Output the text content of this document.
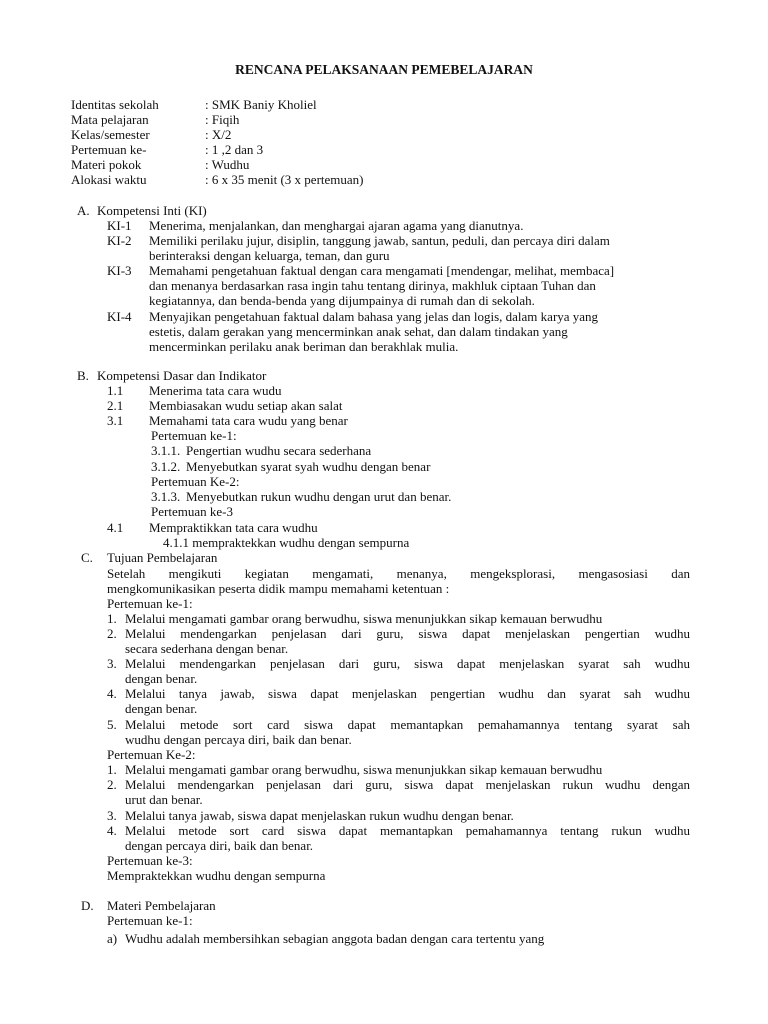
RENCANA PELAKSANAAN PEMEBELAJARAN
Identitas sekolah	: SMK Baniy Kholiel
Mata pelajaran	: Fiqih
Kelas/semester	: X/2
Pertemuan ke-	: 1 ,2 dan 3
Materi pokok	: Wudhu
Alokasi waktu	: 6 x 35 menit (3 x pertemuan)
A. Kompetensi Inti (KI)
KI-1 Menerima, menjalankan, dan menghargai ajaran agama yang dianutnya.
KI-2 Memiliki perilaku jujur, disiplin, tanggung jawab, santun, peduli, dan percaya diri dalam
berinteraksi dengan keluarga, teman, dan guru
KI-3 Memahami pengetahuan faktual dengan cara mengamati [mendengar, melihat, membaca]
dan menanya berdasarkan rasa ingin tahu tentang dirinya, makhluk ciptaan Tuhan dan
kegiatannya, dan benda-benda yang dijumpainya di rumah dan di sekolah.
KI-4 Menyajikan pengetahuan faktual dalam bahasa yang jelas dan logis, dalam karya yang
estetis, dalam gerakan yang mencerminkan anak sehat, dan dalam tindakan yang
mencerminkan perilaku anak beriman dan berakhlak mulia.
B. Kompetensi Dasar dan Indikator
1.1 Menerima tata cara wudu
2.1 Membiasakan wudu setiap akan salat
3.1 Memahami tata cara wudu yang benar
Pertemuan ke-1:
3.1.1. Pengertian wudhu secara sederhana
3.1.2. Menyebutkan syarat syah wudhu dengan benar
Pertemuan Ke-2:
3.1.3. Menyebutkan rukun wudhu dengan urut dan benar.
Pertemuan ke-3
4.1 Mempraktikkan tata cara wudhu
4.1.1 mempraktekkan wudhu dengan sempurna
C. Tujuan Pembelajaran
Setelah mengikuti kegiatan mengamati, menanya, mengeksplorasi, mengasosiasi dan
mengkomunikasikan peserta didik mampu memahami ketentuan :
Pertemuan ke-1:
1. Melalui mengamati gambar orang berwudhu, siswa menunjukkan sikap kemauan berwudhu
2. Melalui mendengarkan penjelasan dari guru, siswa dapat menjelaskan pengertian wudhu
secara sederhana dengan benar.
3. Melalui mendengarkan penjelasan dari guru, siswa dapat menjelaskan syarat sah wudhu
dengan benar.
4. Melalui tanya jawab, siswa dapat menjelaskan pengertian wudhu dan syarat sah wudhu
dengan benar.
5. Melalui metode sort card siswa dapat memantapkan pemahamannya tentang syarat sah
wudhu dengan percaya diri, baik dan benar.
Pertemuan Ke-2:
1. Melalui mengamati gambar orang berwudhu, siswa menunjukkan sikap kemauan berwudhu
2. Melalui mendengarkan penjelasan dari guru, siswa dapat menjelaskan rukun wudhu dengan
urut dan benar.
3. Melalui tanya jawab, siswa dapat menjelaskan rukun wudhu dengan benar.
4. Melalui metode sort card siswa dapat memantapkan pemahamannya tentang rukun wudhu
dengan percaya diri, baik dan benar.
Pertemuan ke-3:
Mempraktekkan wudhu dengan sempurna
D. Materi Pembelajaran
Pertemuan ke-1:
a) Wudhu adalah membersihkan sebagian anggota badan dengan cara tertentu yang
